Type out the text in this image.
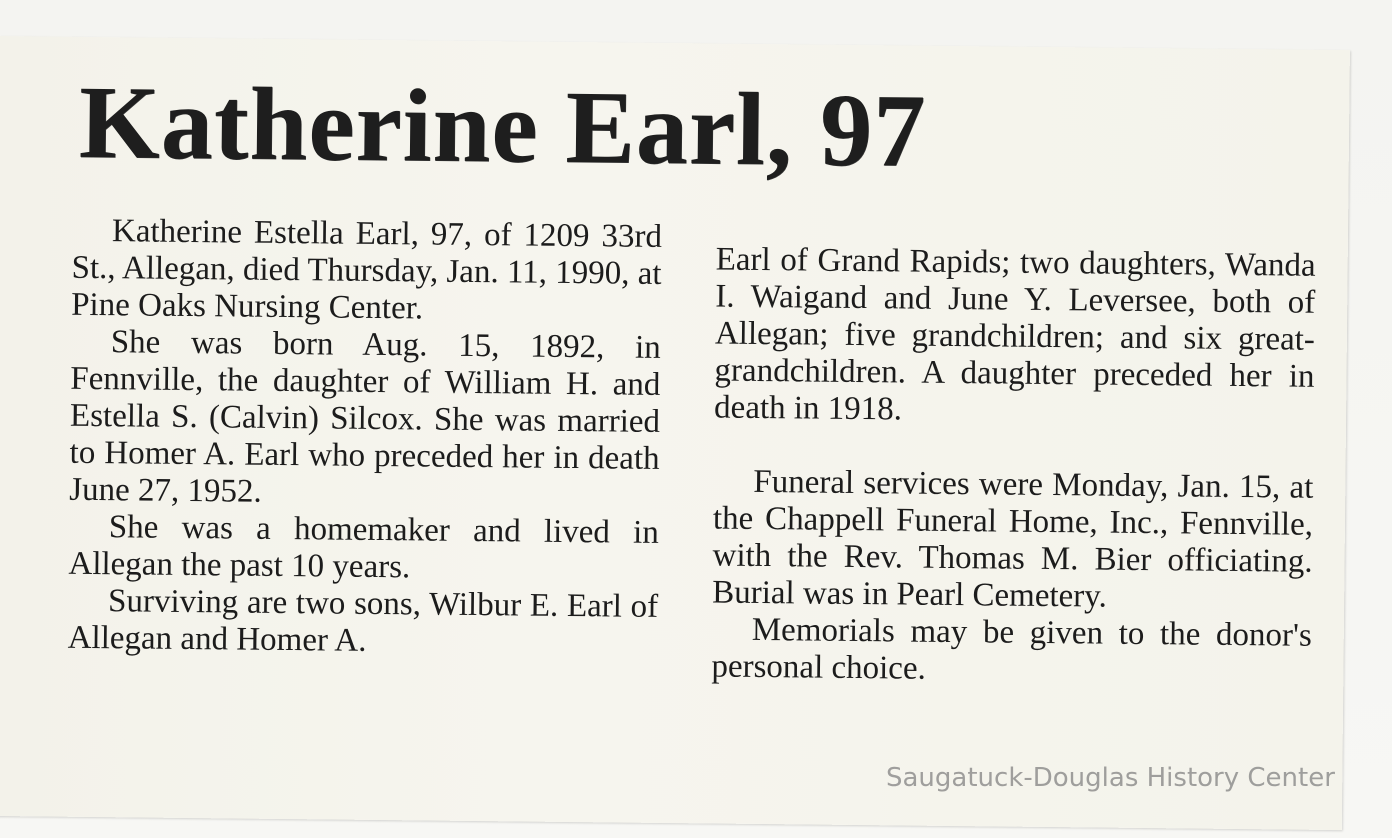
Katherine Earl, 97

Katherine Estella Earl, 97, of 1209 33rd St., Allegan, died Thursday, Jan. 11, 1990, at Pine Oaks Nursing Center.

She was born Aug. 15, 1892, in Fennville, the daughter of William H. and Estella S. (Calvin) Silcox. She was married to Homer A. Earl who preceded her in death June 27, 1952.

She was a homemaker and lived in Allegan the past 10 years.

Surviving are two sons, Wilbur E. Earl of Allegan and Homer A.

Earl of Grand Rapids; two daughters, Wanda I. Waigand and June Y. Leversee, both of Allegan; five grandchildren; and six great-grandchildren. A daughter preceded her in death in 1918.

Funeral services were Monday, Jan. 15, at the Chappell Funeral Home, Inc., Fennville, with the Rev. Thomas M. Bier officiating. Burial was in Pearl Cemetery.

Memorials may be given to the donor's personal choice.

Saugatuck-Douglas History Center
